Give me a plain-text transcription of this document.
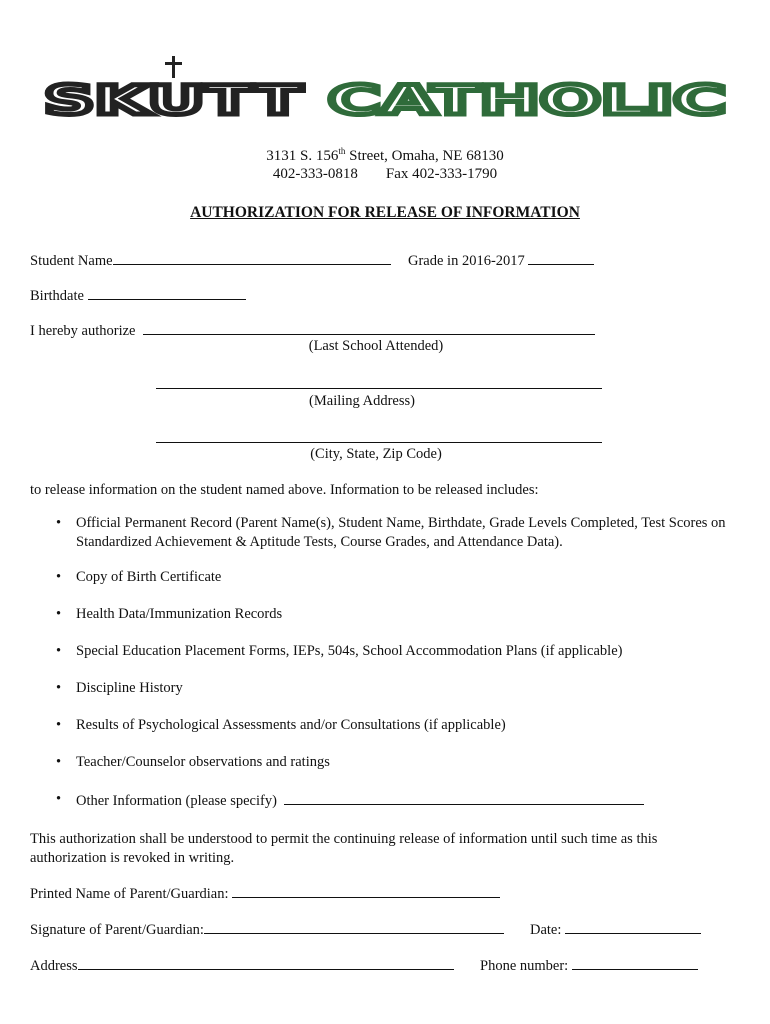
SKUTT CATHOLIC
3131 S. 156th Street, Omaha, NE 68130
402-333-0818 Fax 402-333-1790
AUTHORIZATION FOR RELEASE OF INFORMATION
Student Name	Grade in 2016-2017
Birthdate
I hereby authorize
(Last School Attended)
(Mailing Address)
(City, State, Zip Code)
to release information on the student named above. Information to be released includes:
• Official Permanent Record (Parent Name(s), Student Name, Birthdate, Grade Levels Completed, Test Scores on Standardized Achievement & Aptitude Tests, Course Grades, and Attendance Data).
• Copy of Birth Certificate
• Health Data/Immunization Records
• Special Education Placement Forms, IEPs, 504s, School Accommodation Plans (if applicable)
• Discipline History
• Results of Psychological Assessments and/or Consultations (if applicable)
• Teacher/Counselor observations and ratings
• Other Information (please specify)
This authorization shall be understood to permit the continuing release of information until such time as this authorization is revoked in writing.
Printed Name of Parent/Guardian:
Signature of Parent/Guardian:	Date:
Address	Phone number:
